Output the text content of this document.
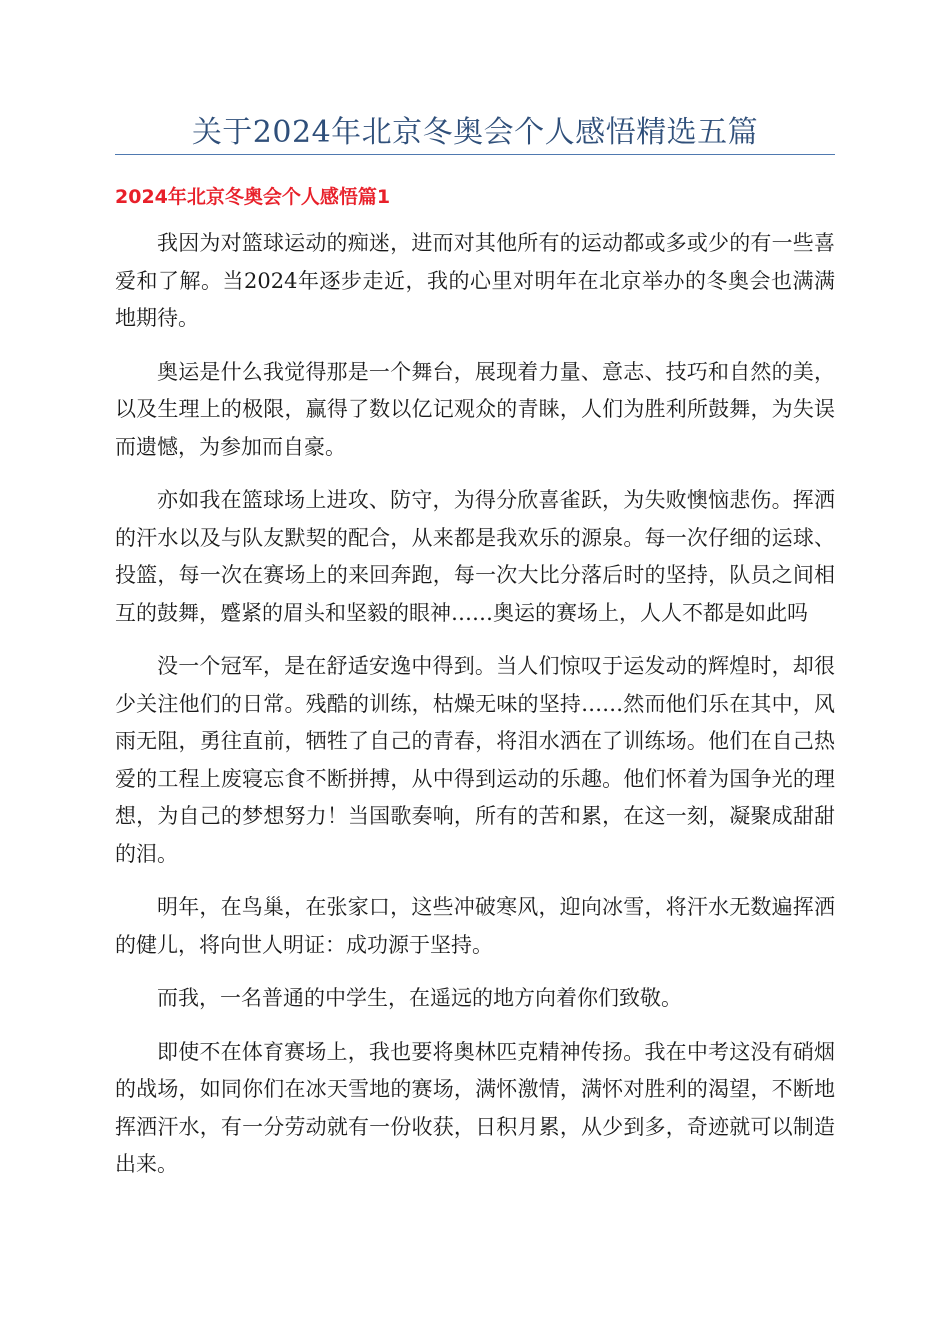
关于2024年北京冬奥会个人感悟精选五篇
2024年北京冬奥会个人感悟篇1

我因为对篮球运动的痴迷，进而对其他所有的运动都或多或少的有一些喜爱和了解。当2024年逐步走近，我的心里对明年在北京举办的冬奥会也满满地期待。

奥运是什么我觉得那是一个舞台，展现着力量、意志、技巧和自然的美，以及生理上的极限，赢得了数以亿记观众的青睐，人们为胜利所鼓舞，为失误而遗憾，为参加而自豪。

亦如我在篮球场上进攻、防守，为得分欣喜雀跃，为失败懊恼悲伤。挥洒的汗水以及与队友默契的配合，从来都是我欢乐的源泉。每一次仔细的运球、投篮，每一次在赛场上的来回奔跑，每一次大比分落后时的坚持，队员之间相互的鼓舞，蹙紧的眉头和坚毅的眼神……奥运的赛场上，人人不都是如此吗

没一个冠军，是在舒适安逸中得到。当人们惊叹于运发动的辉煌时，却很少关注他们的日常。残酷的训练，枯燥无味的坚持……然而他们乐在其中，风雨无阻，勇往直前，牺牲了自己的青春，将泪水洒在了训练场。他们在自己热爱的工程上废寝忘食不断拼搏，从中得到运动的乐趣。他们怀着为国争光的理想，为自己的梦想努力！当国歌奏响，所有的苦和累，在这一刻，凝聚成甜甜的泪。

明年，在鸟巢，在张家口，这些冲破寒风，迎向冰雪，将汗水无数遍挥洒的健儿，将向世人明证：成功源于坚持。

而我，一名普通的中学生，在遥远的地方向着你们致敬。

即使不在体育赛场上，我也要将奥林匹克精神传扬。我在中考这没有硝烟的战场，如同你们在冰天雪地的赛场，满怀激情，满怀对胜利的渴望，不断地挥洒汗水，有一分劳动就有一份收获，日积月累，从少到多，奇迹就可以制造出来。
